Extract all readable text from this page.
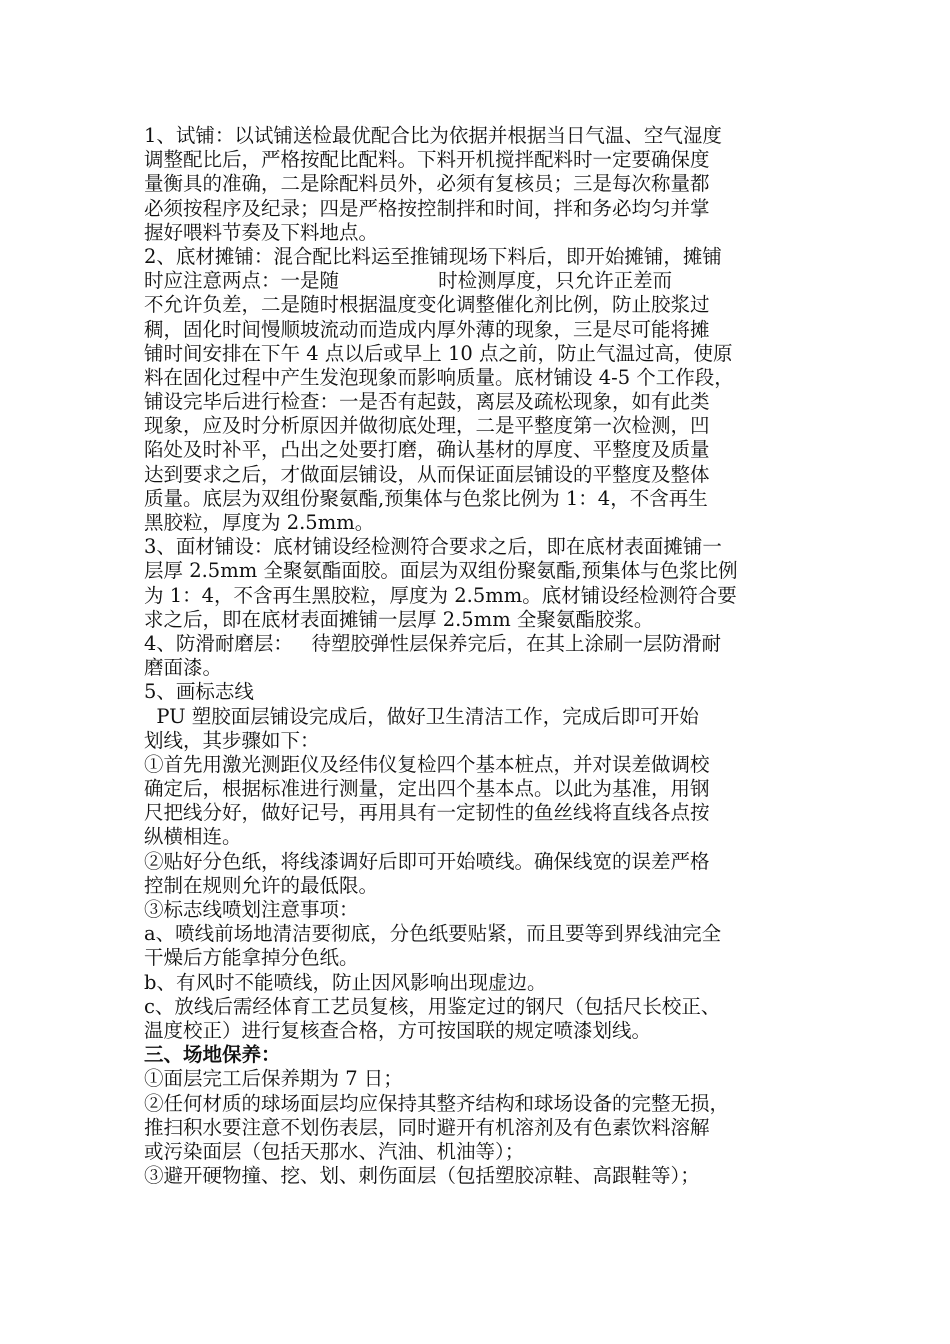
1、试铺：以试铺送检最优配合比为依据并根据当日气温、空气湿度
调整配比后，严格按配比配料。下料开机搅拌配料时一定要确保度
量衡具的准确，二是除配料员外，必须有复核员；三是每次称量都
必须按程序及纪录；四是严格按控制拌和时间，拌和务必均匀并掌
握好喂料节奏及下料地点。
2、底材摊铺：混合配比料运至推铺现场下料后，即开始摊铺，摊铺
时应注意两点：一是随                时检测厚度，只允许正差而
不允许负差，二是随时根据温度变化调整催化剂比例，防止胶浆过
稠，固化时间慢顺坡流动而造成内厚外薄的现象，三是尽可能将摊
铺时间安排在下午 4 点以后或早上 10 点之前，防止气温过高，使原
料在固化过程中产生发泡现象而影响质量。底材铺设 4-5 个工作段，
铺设完毕后进行检查：一是否有起鼓，离层及疏松现象，如有此类
现象，应及时分析原因并做彻底处理，二是平整度第一次检测，凹
陷处及时补平，凸出之处要打磨，确认基材的厚度、平整度及质量
达到要求之后，才做面层铺设，从而保证面层铺设的平整度及整体
质量。底层为双组份聚氨酯,预集体与色浆比例为 1：4，不含再生
黑胶粒，厚度为 2.5mm。
3、面材铺设：底材铺设经检测符合要求之后，即在底材表面摊铺一
层厚 2.5mm 全聚氨酯面胶。面层为双组份聚氨酯,预集体与色浆比例
为 1：4，不含再生黑胶粒，厚度为 2.5mm。底材铺设经检测符合要
求之后，即在底材表面摊铺一层厚 2.5mm 全聚氨酯胶浆。
4、防滑耐磨层：   待塑胶弹性层保养完后，在其上涂刷一层防滑耐
磨面漆。
5、画标志线
PU 塑胶面层铺设完成后，做好卫生清洁工作，完成后即可开始
划线，其步骤如下：
①首先用激光测距仪及经伟仪复检四个基本桩点，并对误差做调校
确定后，根据标准进行测量，定出四个基本点。以此为基准，用钢
尺把线分好，做好记号，再用具有一定韧性的鱼丝线将直线各点按
纵横相连。
②贴好分色纸，将线漆调好后即可开始喷线。确保线宽的误差严格
控制在规则允许的最低限。
③标志线喷划注意事项：
a、喷线前场地清洁要彻底，分色纸要贴紧，而且要等到界线油完全
干燥后方能拿掉分色纸。
b、有风时不能喷线，防止因风影响出现虚边。
c、放线后需经体育工艺员复核，用鉴定过的钢尺（包括尺长校正、
温度校正）进行复核查合格，方可按国联的规定喷漆划线。
三、场地保养：
①面层完工后保养期为 7 日；
②任何材质的球场面层均应保持其整齐结构和球场设备的完整无损，
推扫积水要注意不划伤表层，同时避开有机溶剂及有色素饮料溶解
或污染面层（包括天那水、汽油、机油等）；
③避开硬物撞、挖、划、刺伤面层（包括塑胶凉鞋、高跟鞋等）；
